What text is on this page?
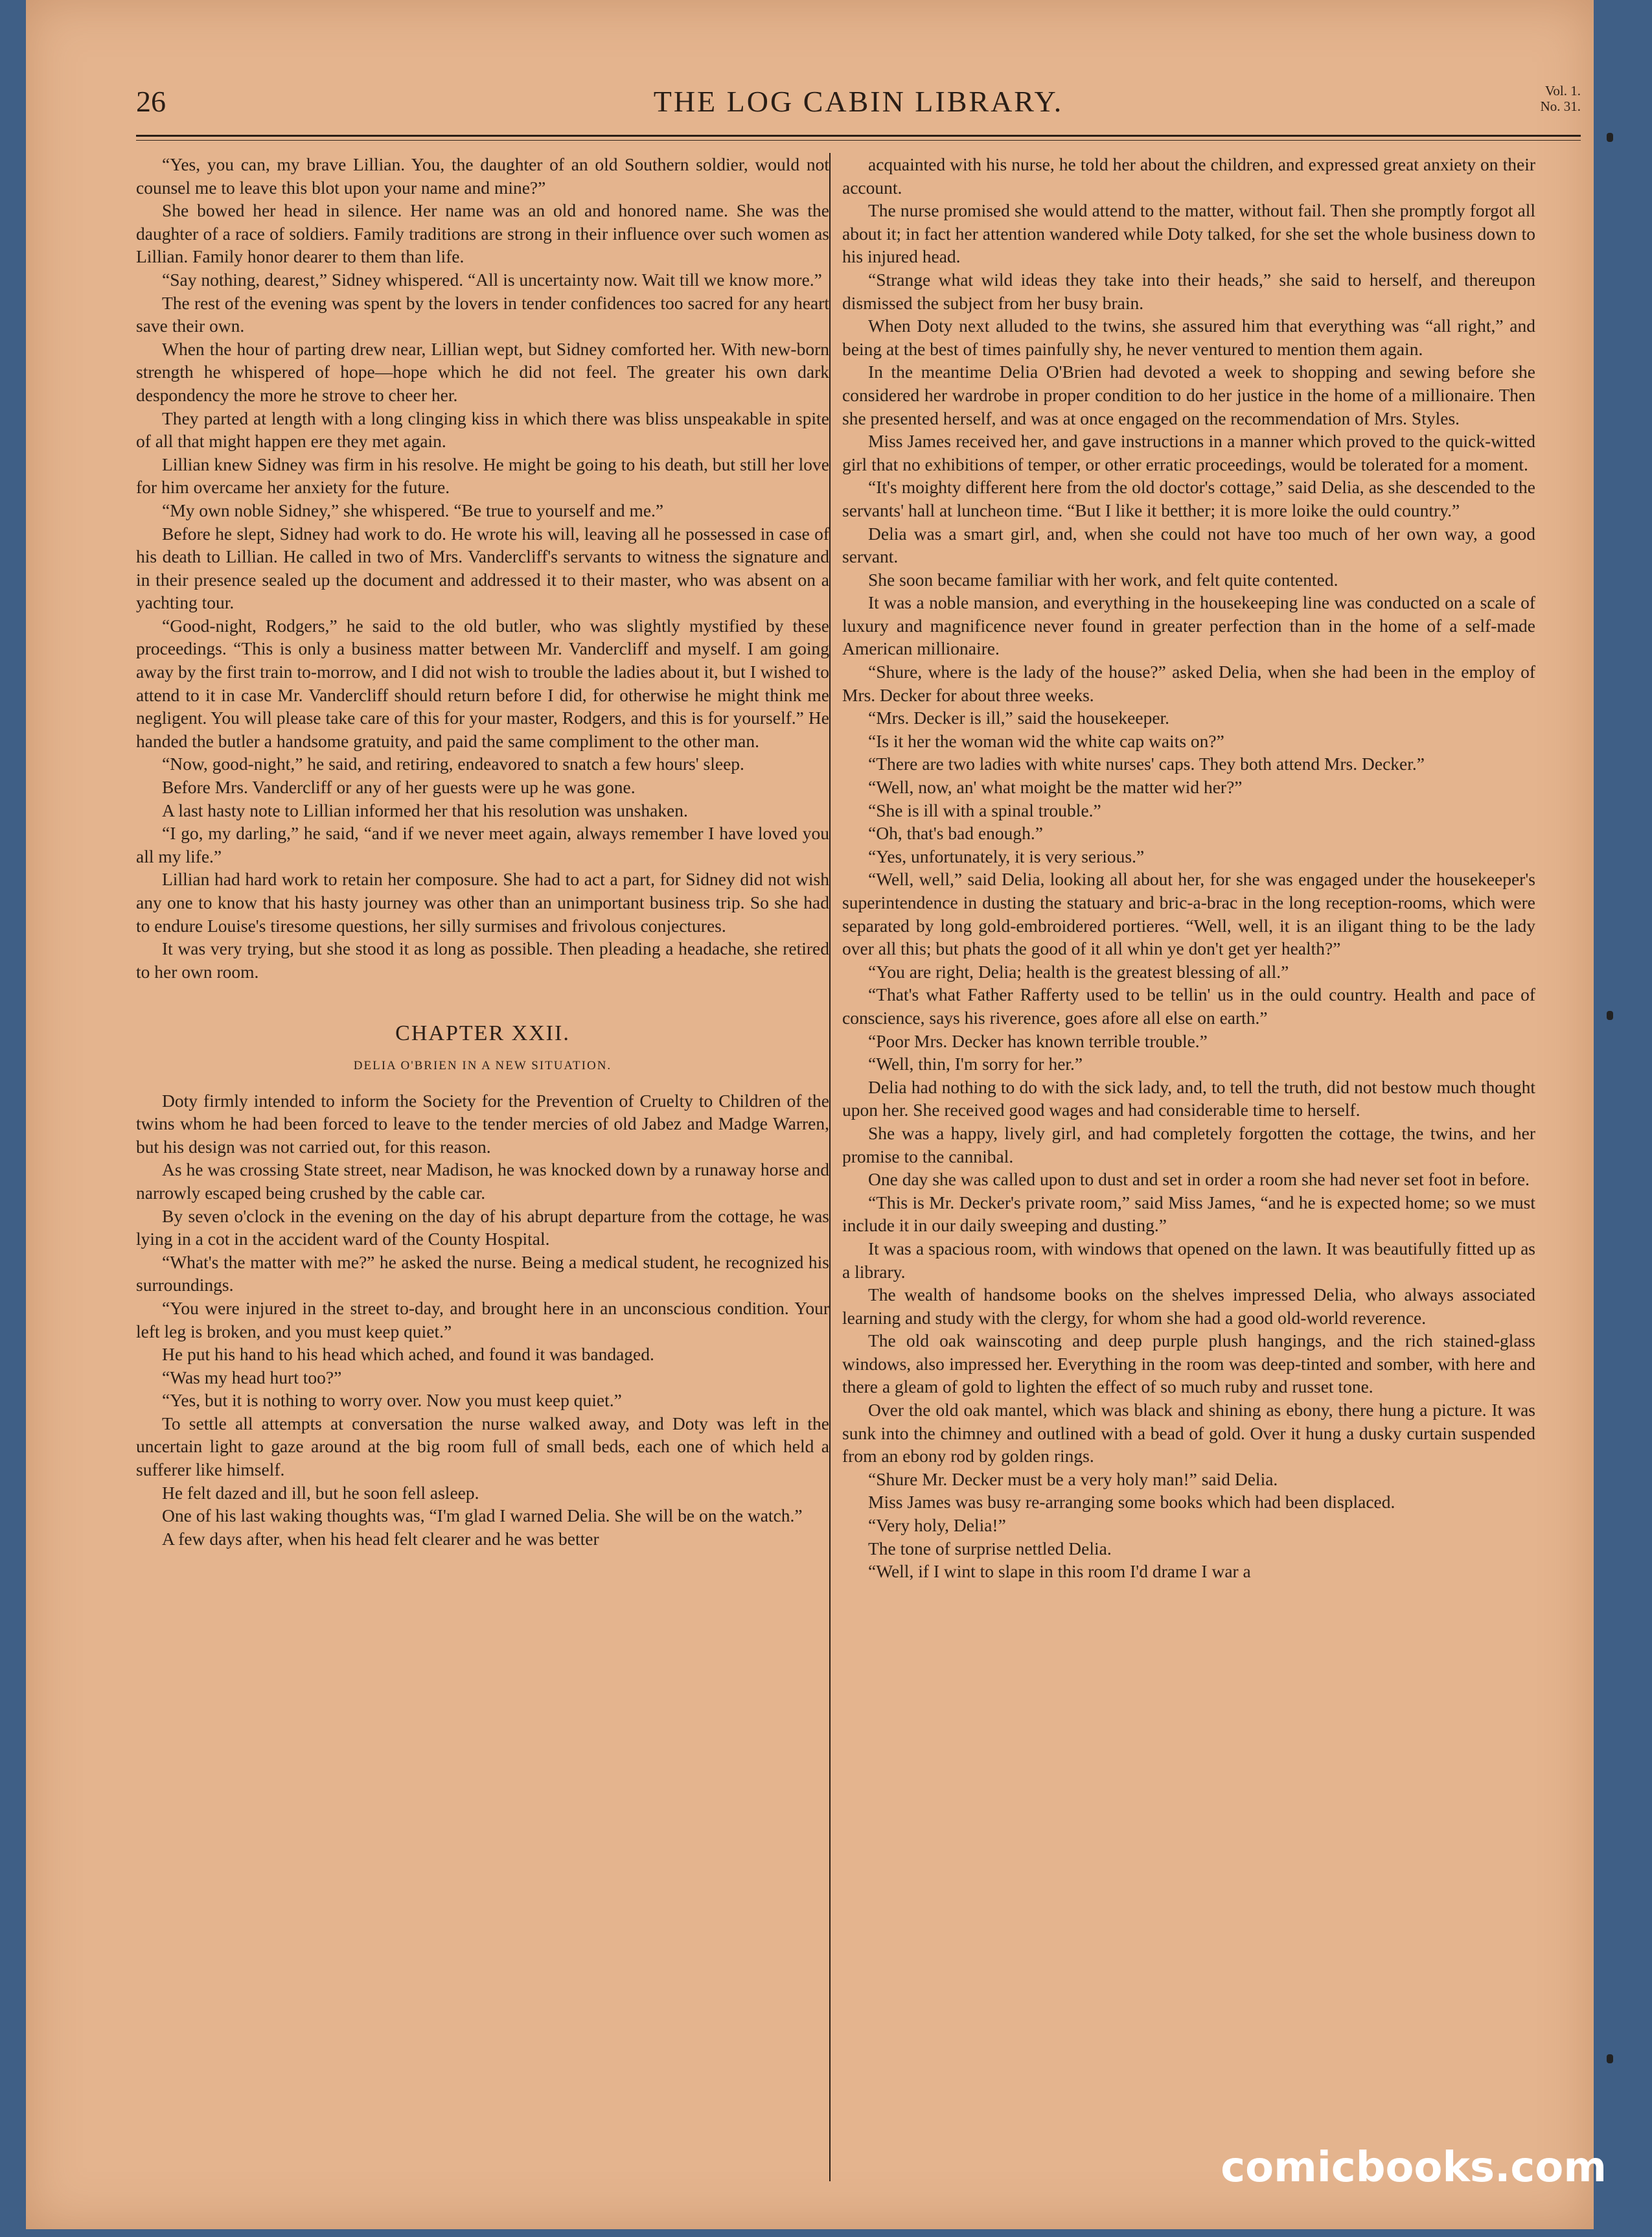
26	THE LOG CABIN LIBRARY.	Vol. 1.
No. 31.

“Yes, you can, my brave Lillian. You, the daughter of an old Southern soldier, would not counsel me to leave this blot upon your name and mine?”

She bowed her head in silence. Her name was an old and honored name. She was the daughter of a race of soldiers. Family traditions are strong in their influence over such women as Lillian. Family honor dearer to them than life.

“Say nothing, dearest,” Sidney whispered. “All is uncertainty now. Wait till we know more.”

The rest of the evening was spent by the lovers in tender confidences too sacred for any heart save their own.

When the hour of parting drew near, Lillian wept, but Sidney comforted her. With new-born strength he whispered of hope—hope which he did not feel. The greater his own dark despondency the more he strove to cheer her.

They parted at length with a long clinging kiss in which there was bliss unspeakable in spite of all that might happen ere they met again.

Lillian knew Sidney was firm in his resolve. He might be going to his death, but still her love for him overcame her anxiety for the future.

“My own noble Sidney,” she whispered. “Be true to yourself and me.”

Before he slept, Sidney had work to do. He wrote his will, leaving all he possessed in case of his death to Lillian. He called in two of Mrs. Vandercliff's servants to witness the signature and in their presence sealed up the document and addressed it to their master, who was absent on a yachting tour.

“Good-night, Rodgers,” he said to the old butler, who was slightly mystified by these proceedings. “This is only a business matter between Mr. Vandercliff and myself. I am going away by the first train to-morrow, and I did not wish to trouble the ladies about it, but I wished to attend to it in case Mr. Vandercliff should return before I did, for otherwise he might think me negligent. You will please take care of this for your master, Rodgers, and this is for yourself.” He handed the butler a handsome gratuity, and paid the same compliment to the other man.

“Now, good-night,” he said, and retiring, endeavored to snatch a few hours' sleep.

Before Mrs. Vandercliff or any of her guests were up he was gone.

A last hasty note to Lillian informed her that his resolution was unshaken.

“I go, my darling,” he said, “and if we never meet again, always remember I have loved you all my life.”

Lillian had hard work to retain her composure. She had to act a part, for Sidney did not wish any one to know that his hasty journey was other than an unimportant business trip. So she had to endure Louise's tiresome questions, her silly surmises and frivolous conjectures.

It was very trying, but she stood it as long as possible. Then pleading a headache, she retired to her own room.

CHAPTER XXII.
DELIA O'BRIEN IN A NEW SITUATION.

Doty firmly intended to inform the Society for the Prevention of Cruelty to Children of the twins whom he had been forced to leave to the tender mercies of old Jabez and Madge Warren, but his design was not carried out, for this reason.

As he was crossing State street, near Madison, he was knocked down by a runaway horse and narrowly escaped being crushed by the cable car.

By seven o'clock in the evening on the day of his abrupt departure from the cottage, he was lying in a cot in the accident ward of the County Hospital.

“What's the matter with me?” he asked the nurse. Being a medical student, he recognized his surroundings.

“You were injured in the street to-day, and brought here in an unconscious condition. Your left leg is broken, and you must keep quiet.”

He put his hand to his head which ached, and found it was bandaged.

“Was my head hurt too?”

“Yes, but it is nothing to worry over. Now you must keep quiet.”

To settle all attempts at conversation the nurse walked away, and Doty was left in the uncertain light to gaze around at the big room full of small beds, each one of which held a sufferer like himself.

He felt dazed and ill, but he soon fell asleep.

One of his last waking thoughts was, “I'm glad I warned Delia. She will be on the watch.”

A few days after, when his head felt clearer and he was better

acquainted with his nurse, he told her about the children, and expressed great anxiety on their account.

The nurse promised she would attend to the matter, without fail. Then she promptly forgot all about it; in fact her attention wandered while Doty talked, for she set the whole business down to his injured head.

“Strange what wild ideas they take into their heads,” she said to herself, and thereupon dismissed the subject from her busy brain.

When Doty next alluded to the twins, she assured him that everything was “all right,” and being at the best of times painfully shy, he never ventured to mention them again.

In the meantime Delia O'Brien had devoted a week to shopping and sewing before she considered her wardrobe in proper condition to do her justice in the home of a millionaire. Then she presented herself, and was at once engaged on the recommendation of Mrs. Styles.

Miss James received her, and gave instructions in a manner which proved to the quick-witted girl that no exhibitions of temper, or other erratic proceedings, would be tolerated for a moment.

“It's moighty different here from the old doctor's cottage,” said Delia, as she descended to the servants' hall at luncheon time. “But I like it betther; it is more loike the ould country.”

Delia was a smart girl, and, when she could not have too much of her own way, a good servant.

She soon became familiar with her work, and felt quite contented.

It was a noble mansion, and everything in the housekeeping line was conducted on a scale of luxury and magnificence never found in greater perfection than in the home of a self-made American millionaire.

“Shure, where is the lady of the house?” asked Delia, when she had been in the employ of Mrs. Decker for about three weeks.

“Mrs. Decker is ill,” said the housekeeper.

“Is it her the woman wid the white cap waits on?”

“There are two ladies with white nurses' caps. They both attend Mrs. Decker.”

“Well, now, an' what moight be the matter wid her?”

“She is ill with a spinal trouble.”

“Oh, that's bad enough.”

“Yes, unfortunately, it is very serious.”

“Well, well,” said Delia, looking all about her, for she was engaged under the housekeeper's superintendence in dusting the statuary and bric-a-brac in the long reception-rooms, which were separated by long gold-embroidered portieres. “Well, well, it is an iligant thing to be the lady over all this; but phats the good of it all whin ye don't get yer health?”

“You are right, Delia; health is the greatest blessing of all.”

“That's what Father Rafferty used to be tellin' us in the ould country. Health and pace of conscience, says his riverence, goes afore all else on earth.”

“Poor Mrs. Decker has known terrible trouble.”

“Well, thin, I'm sorry for her.”

Delia had nothing to do with the sick lady, and, to tell the truth, did not bestow much thought upon her. She received good wages and had considerable time to herself.

She was a happy, lively girl, and had completely forgotten the cottage, the twins, and her promise to the cannibal.

One day she was called upon to dust and set in order a room she had never set foot in before.

“This is Mr. Decker's private room,” said Miss James, “and he is expected home; so we must include it in our daily sweeping and dusting.”

It was a spacious room, with windows that opened on the lawn. It was beautifully fitted up as a library.

The wealth of handsome books on the shelves impressed Delia, who always associated learning and study with the clergy, for whom she had a good old-world reverence.

The old oak wainscoting and deep purple plush hangings, and the rich stained-glass windows, also impressed her. Everything in the room was deep-tinted and somber, with here and there a gleam of gold to lighten the effect of so much ruby and russet tone.

Over the old oak mantel, which was black and shining as ebony, there hung a picture. It was sunk into the chimney and outlined with a bead of gold. Over it hung a dusky curtain suspended from an ebony rod by golden rings.

“Shure Mr. Decker must be a very holy man!” said Delia.

Miss James was busy re-arranging some books which had been displaced.

“Very holy, Delia!”

The tone of surprise nettled Delia.

“Well, if I wint to slape in this room I'd drame I war a

comicbooks.com
